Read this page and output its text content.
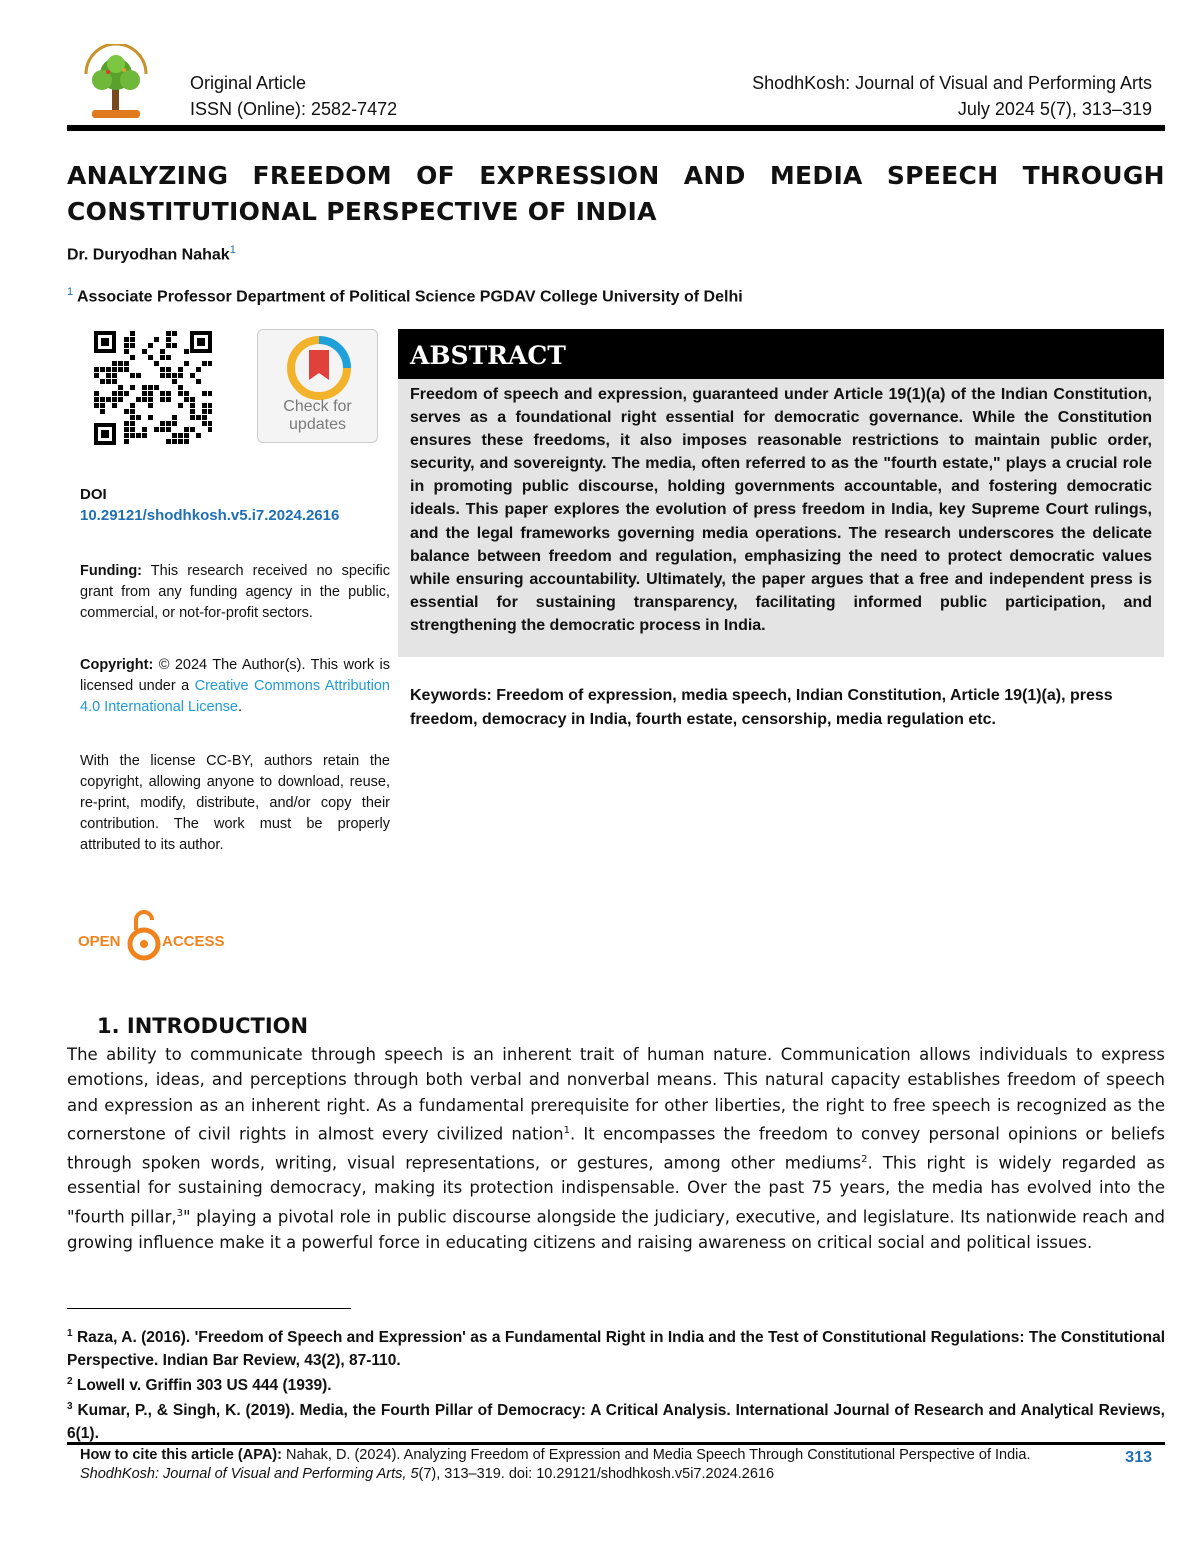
Original Article
ISSN (Online): 2582-7472
ShodhKosh: Journal of Visual and Performing Arts
July 2024 5(7), 313–319
ANALYZING FREEDOM OF EXPRESSION AND MEDIA SPEECH THROUGH
CONSTITUTIONAL PERSPECTIVE OF INDIA
Dr. Duryodhan Nahak$^1$
$^1$ Associate Professor Department of Political Science PGDAV College University of Delhi
Check for
updates
DOI
10.29121/shodhkosh.v5.i7.2024.2616
Funding: This research received no specific grant from any funding agency in the public, commercial, or not-for-profit sectors.
Copyright: © 2024 The Author(s). This work is licensed under a Creative Commons Attribution 4.0 International License.
With the license CC-BY, authors retain the copyright, allowing anyone to download, reuse, re-print, modify, distribute, and/or copy their contribution. The work must be properly attributed to its author.
OPEN	ACCESS
ABSTRACT
Freedom of speech and expression, guaranteed under Article 19(1)(a) of the Indian Constitution, serves as a foundational right essential for democratic governance. While the Constitution ensures these freedoms, it also imposes reasonable restrictions to maintain public order, security, and sovereignty. The media, often referred to as the "fourth estate," plays a crucial role in promoting public discourse, holding governments accountable, and fostering democratic ideals. This paper explores the evolution of press freedom in India, key Supreme Court rulings, and the legal frameworks governing media operations. The research underscores the delicate balance between freedom and regulation, emphasizing the need to protect democratic values while ensuring accountability. Ultimately, the paper argues that a free and independent press is essential for sustaining transparency, facilitating informed public participation, and strengthening the democratic process in India.
Keywords: Freedom of expression, media speech, Indian Constitution, Article 19(1)(a), press freedom, democracy in India, fourth estate, censorship, media regulation etc.
1. INTRODUCTION
The ability to communicate through speech is an inherent trait of human nature. Communication allows individuals to express emotions, ideas, and perceptions through both verbal and nonverbal means. This natural capacity establishes freedom of speech and expression as an inherent right. As a fundamental prerequisite for other liberties, the right to free speech is recognized as the cornerstone of civil rights in almost every civilized nation$^1$. It encompasses the freedom to convey personal opinions or beliefs through spoken words, writing, visual representations, or gestures, among other mediums$^2$. This right is widely regarded as essential for sustaining democracy, making its protection indispensable. Over the past 75 years, the media has evolved into the "fourth pillar,$^3$" playing a pivotal role in public discourse alongside the judiciary, executive, and legislature. Its nationwide reach and growing influence make it a powerful force in educating citizens and raising awareness on critical social and political issues.
$^1$ Raza, A. (2016). 'Freedom of Speech and Expression' as a Fundamental Right in India and the Test of Constitutional Regulations: The Constitutional Perspective. Indian Bar Review, 43(2), 87-110.
$^2$ Lowell v. Griffin 303 US 444 (1939).
$^3$ Kumar, P., & Singh, K. (2019). Media, the Fourth Pillar of Democracy: A Critical Analysis. International Journal of Research and Analytical Reviews, 6(1).
How to cite this article (APA): Nahak, D. (2024). Analyzing Freedom of Expression and Media Speech Through Constitutional Perspective of India. ShodhKosh: Journal of Visual and Performing Arts, 5(7), 313–319. doi: 10.29121/shodhkosh.v5i7.2024.2616
313
